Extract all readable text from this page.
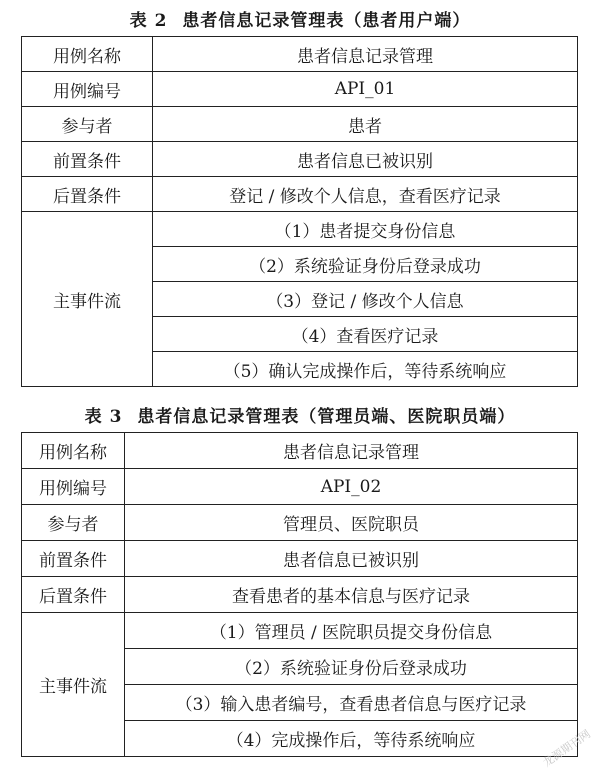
表 2 患者信息记录管理表（患者用户端）
用例名称	患者信息记录管理
用例编号	API_01
参与者	患者
前置条件	患者信息已被识别
后置条件	登记 / 修改个人信息，查看医疗记录
主事件流	（1）患者提交身份信息
	（2）系统验证身份后登录成功
	（3）登记 / 修改个人信息
	（4）查看医疗记录
	（5）确认完成操作后，等待系统响应
表 3 患者信息记录管理表（管理员端、医院职员端）
用例名称	患者信息记录管理
用例编号	API_02
参与者	管理员、医院职员
前置条件	患者信息已被识别
后置条件	查看患者的基本信息与医疗记录
主事件流	（1）管理员 / 医院职员提交身份信息
	（2）系统验证身份后登录成功
	（3）输入患者编号，查看患者信息与医疗记录
	（4）完成操作后，等待系统响应	龙源期刊网
